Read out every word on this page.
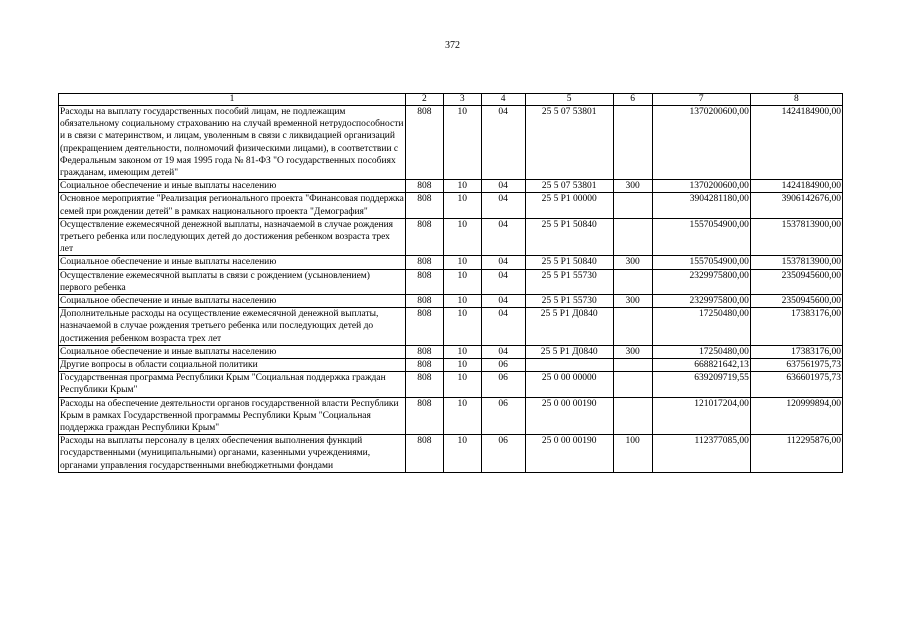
372
1	2	3	4	5	6	7	8
Расходы на выплату государственных пособий лицам, не подлежащим обязательному социальному страхованию на случай временной нетрудоспособности и в связи с материнством, и лицам, уволенным в связи с ликвидацией организаций (прекращением деятельности, полномочий физическими лицами), в соответствии с Федеральным законом от 19 мая 1995 года № 81-ФЗ "О государственных пособиях гражданам, имеющим детей"	808	10	04	25 5 07 53801		1370200600,00	1424184900,00
Социальное обеспечение и иные выплаты населению	808	10	04	25 5 07 53801	300	1370200600,00	1424184900,00
Основное мероприятие "Реализация регионального проекта "Финансовая поддержка семей при рождении детей" в рамках национального проекта "Демография"	808	10	04	25 5 Р1 00000		3904281180,00	3906142676,00
Осуществление ежемесячной денежной выплаты, назначаемой в случае рождения третьего ребенка или последующих детей до достижения ребенком возраста трех лет	808	10	04	25 5 Р1 50840		1557054900,00	1537813900,00
Социальное обеспечение и иные выплаты населению	808	10	04	25 5 Р1 50840	300	1557054900,00	1537813900,00
Осуществление ежемесячной выплаты в связи с рождением (усыновлением) первого ребенка	808	10	04	25 5 Р1 55730		2329975800,00	2350945600,00
Социальное обеспечение и иные выплаты населению	808	10	04	25 5 Р1 55730	300	2329975800,00	2350945600,00
Дополнительные расходы на осуществление ежемесячной денежной выплаты, назначаемой в случае рождения третьего ребенка или последующих детей до достижения ребенком возраста трех лет	808	10	04	25 5 Р1 Д0840		17250480,00	17383176,00
Социальное обеспечение и иные выплаты населению	808	10	04	25 5 Р1 Д0840	300	17250480,00	17383176,00
Другие вопросы в области социальной политики	808	10	06			668821642,13	637561975,73
Государственная программа Республики Крым "Социальная поддержка граждан Республики Крым"	808	10	06	25 0 00 00000		639209719,55	636601975,73
Расходы на обеспечение деятельности органов государственной власти Республики Крым в рамках Государственной программы Республики Крым "Социальная поддержка граждан Республики Крым"	808	10	06	25 0 00 00190		121017204,00	120999894,00
Расходы на выплаты персоналу в целях обеспечения выполнения функций государственными (муниципальными) органами, казенными учреждениями, органами управления государственными внебюджетными фондами	808	10	06	25 0 00 00190	100	112377085,00	112295876,00
